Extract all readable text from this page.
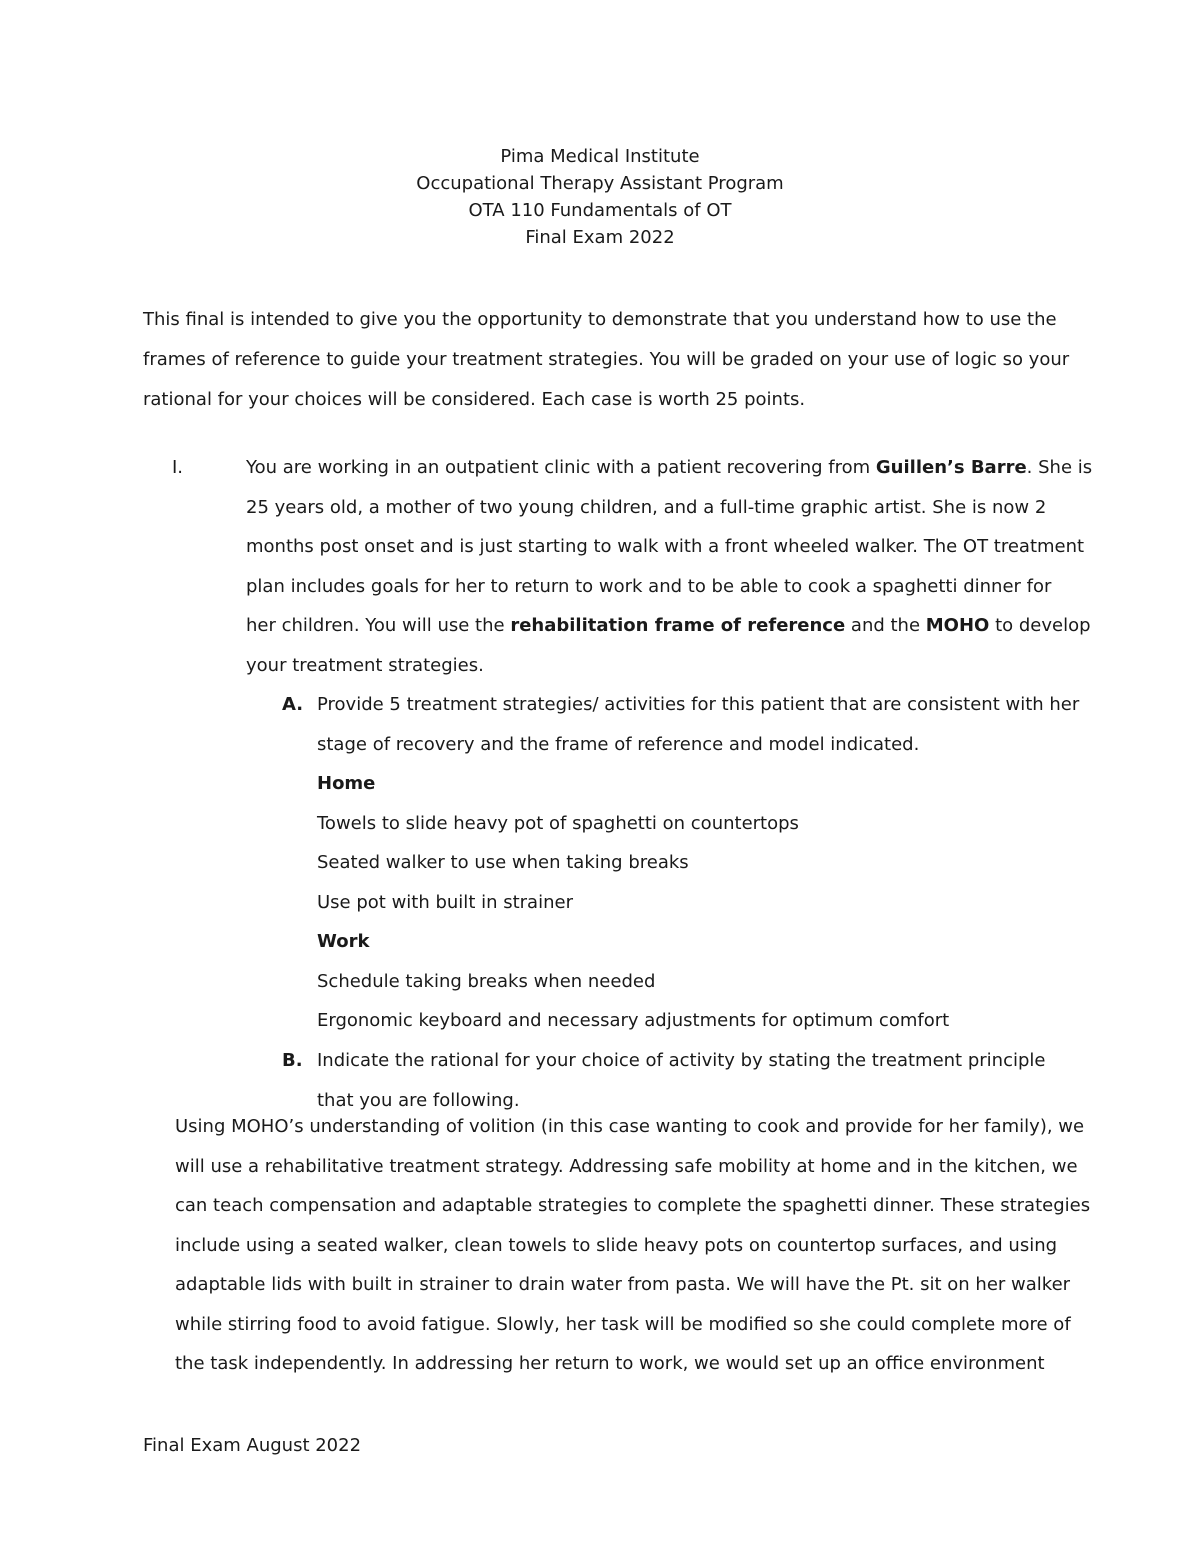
Pima Medical Institute
Occupational Therapy Assistant Program
OTA 110 Fundamentals of OT
Final Exam 2022
This final is intended to give you the opportunity to demonstrate that you understand how to use the
frames of reference to guide your treatment strategies. You will be graded on your use of logic so your
rational for your choices will be considered. Each case is worth 25 points.
I.	You are working in an outpatient clinic with a patient recovering from Guillen’s Barre. She is
25 years old, a mother of two young children, and a full-time graphic artist. She is now 2
months post onset and is just starting to walk with a front wheeled walker. The OT treatment
plan includes goals for her to return to work and to be able to cook a spaghetti dinner for
her children. You will use the rehabilitation frame of reference and the MOHO to develop
your treatment strategies.
A. Provide 5 treatment strategies/ activities for this patient that are consistent with her
stage of recovery and the frame of reference and model indicated.
Home
Towels to slide heavy pot of spaghetti on countertops
Seated walker to use when taking breaks
Use pot with built in strainer
Work
Schedule taking breaks when needed
Ergonomic keyboard and necessary adjustments for optimum comfort
B. Indicate the rational for your choice of activity by stating the treatment principle
that you are following.
Using MOHO’s understanding of volition (in this case wanting to cook and provide for her family), we
will use a rehabilitative treatment strategy. Addressing safe mobility at home and in the kitchen, we
can teach compensation and adaptable strategies to complete the spaghetti dinner. These strategies
include using a seated walker, clean towels to slide heavy pots on countertop surfaces, and using
adaptable lids with built in strainer to drain water from pasta. We will have the Pt. sit on her walker
while stirring food to avoid fatigue. Slowly, her task will be modified so she could complete more of
the task independently. In addressing her return to work, we would set up an office environment
Final Exam August 2022
